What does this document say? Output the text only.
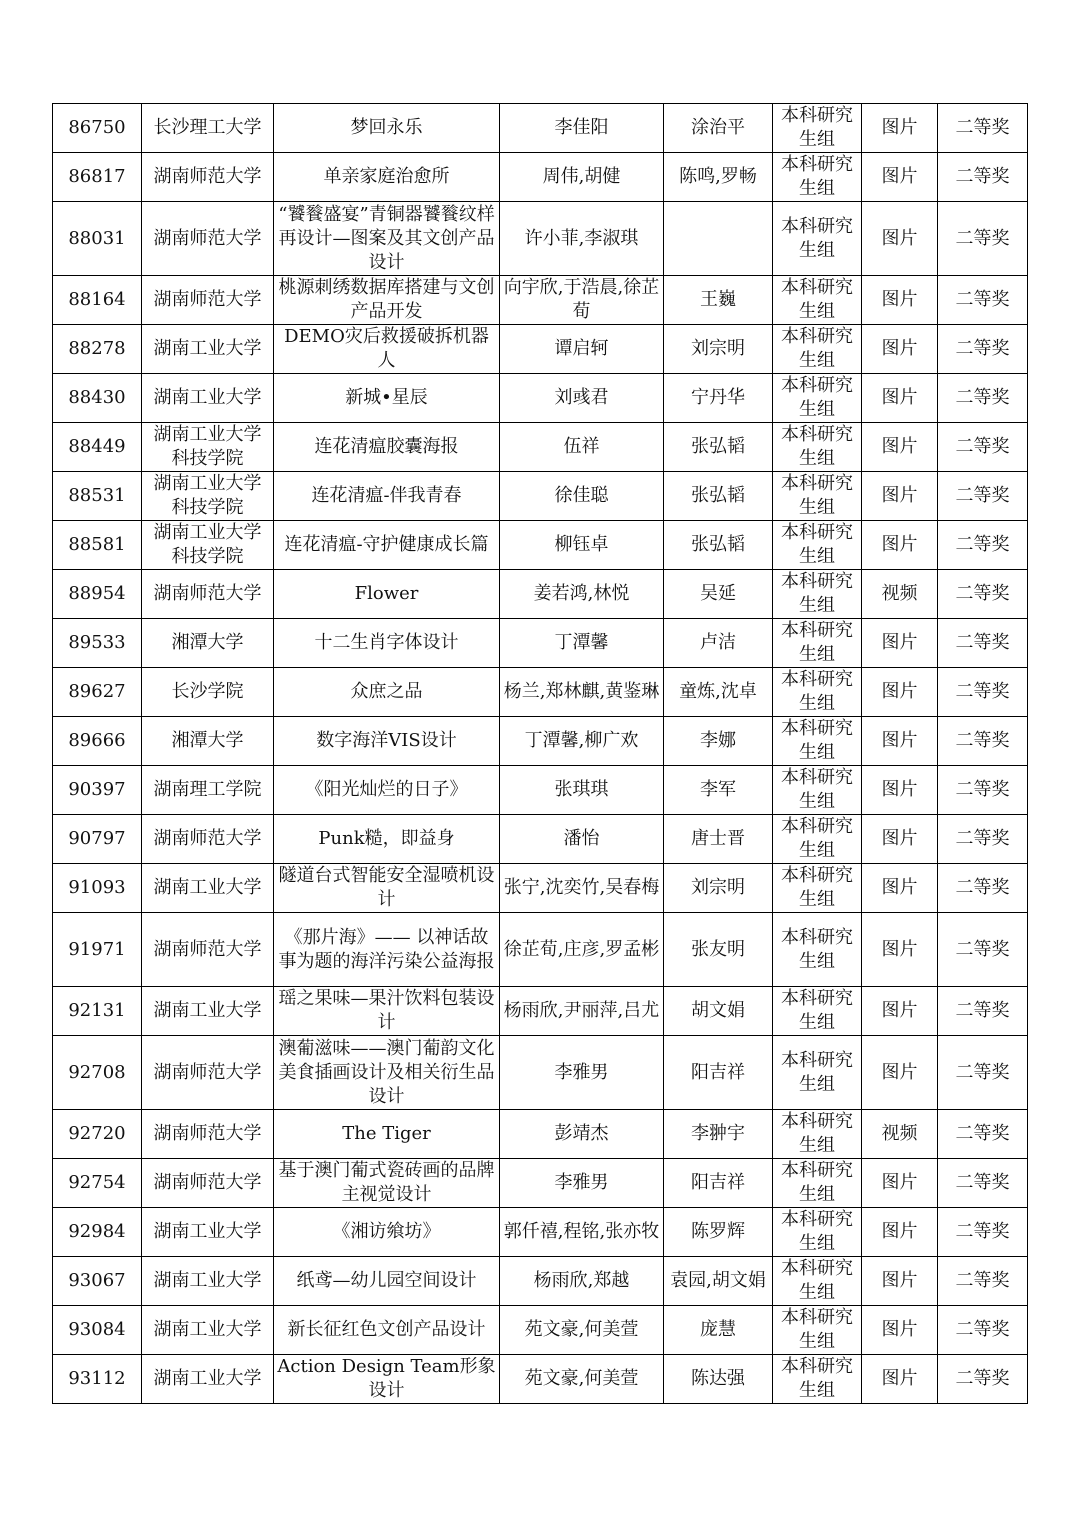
86750	长沙理工大学	梦回永乐	李佳阳	涂治平	本科研究生组	图片	二等奖
86817	湖南师范大学	单亲家庭治愈所	周伟,胡健	陈鸣,罗畅	本科研究生组	图片	二等奖
88031	湖南师范大学	“饕餮盛宴”青铜器饕餮纹样再设计—图案及其文创产品设计	许小菲,李淑琪		本科研究生组	图片	二等奖
88164	湖南师范大学	桃源刺绣数据库搭建与文创产品开发	向宇欣,于浩晨,徐芷荀	王巍	本科研究生组	图片	二等奖
88278	湖南工业大学	DEMO灾后救援破拆机器人	谭启轲	刘宗明	本科研究生组	图片	二等奖
88430	湖南工业大学	新城•星辰	刘彧君	宁丹华	本科研究生组	图片	二等奖
88449	湖南工业大学科技学院	连花清瘟胶囊海报	伍祥	张弘韬	本科研究生组	图片	二等奖
88531	湖南工业大学科技学院	连花清瘟-伴我青春	徐佳聪	张弘韬	本科研究生组	图片	二等奖
88581	湖南工业大学科技学院	连花清瘟-守护健康成长篇	柳钰卓	张弘韬	本科研究生组	图片	二等奖
88954	湖南师范大学	Flower	姜若鸿,林悦	吴延	本科研究生组	视频	二等奖
89533	湘潭大学	十二生肖字体设计	丁潭馨	卢洁	本科研究生组	图片	二等奖
89627	长沙学院	众庶之品	杨兰,郑林麒,黄鉴琳	童炼,沈卓	本科研究生组	图片	二等奖
89666	湘潭大学	数字海洋VIS设计	丁潭馨,柳广欢	李娜	本科研究生组	图片	二等奖
90397	湖南理工学院	《阳光灿烂的日子》	张琪琪	李军	本科研究生组	图片	二等奖
90797	湖南师范大学	Punk糙，即益身	潘怡	唐士晋	本科研究生组	图片	二等奖
91093	湖南工业大学	隧道台式智能安全湿喷机设计	张宁,沈奕竹,吴春梅	刘宗明	本科研究生组	图片	二等奖
91971	湖南师范大学	《那片海》—— 以神话故事为题的海洋污染公益海报	徐芷荀,庄彦,罗孟彬	张友明	本科研究生组	图片	二等奖
92131	湖南工业大学	瑶之果味—果汁饮料包装设计	杨雨欣,尹丽萍,吕尤	胡文娟	本科研究生组	图片	二等奖
92708	湖南师范大学	澳葡滋味——澳门葡韵文化美食插画设计及相关衍生品设计	李雅男	阳吉祥	本科研究生组	图片	二等奖
92720	湖南师范大学	The Tiger	彭靖杰	李翀宇	本科研究生组	视频	二等奖
92754	湖南师范大学	基于澳门葡式瓷砖画的品牌主视觉设计	李雅男	阳吉祥	本科研究生组	图片	二等奖
92984	湖南工业大学	《湘访飨坊》	郭仟禧,程铭,张亦牧	陈罗辉	本科研究生组	图片	二等奖
93067	湖南工业大学	纸鸢—幼儿园空间设计	杨雨欣,郑越	袁园,胡文娟	本科研究生组	图片	二等奖
93084	湖南工业大学	新长征红色文创产品设计	苑文豪,何美萱	庞慧	本科研究生组	图片	二等奖
93112	湖南工业大学	Action Design Team形象设计	苑文豪,何美萱	陈达强	本科研究生组	图片	二等奖
